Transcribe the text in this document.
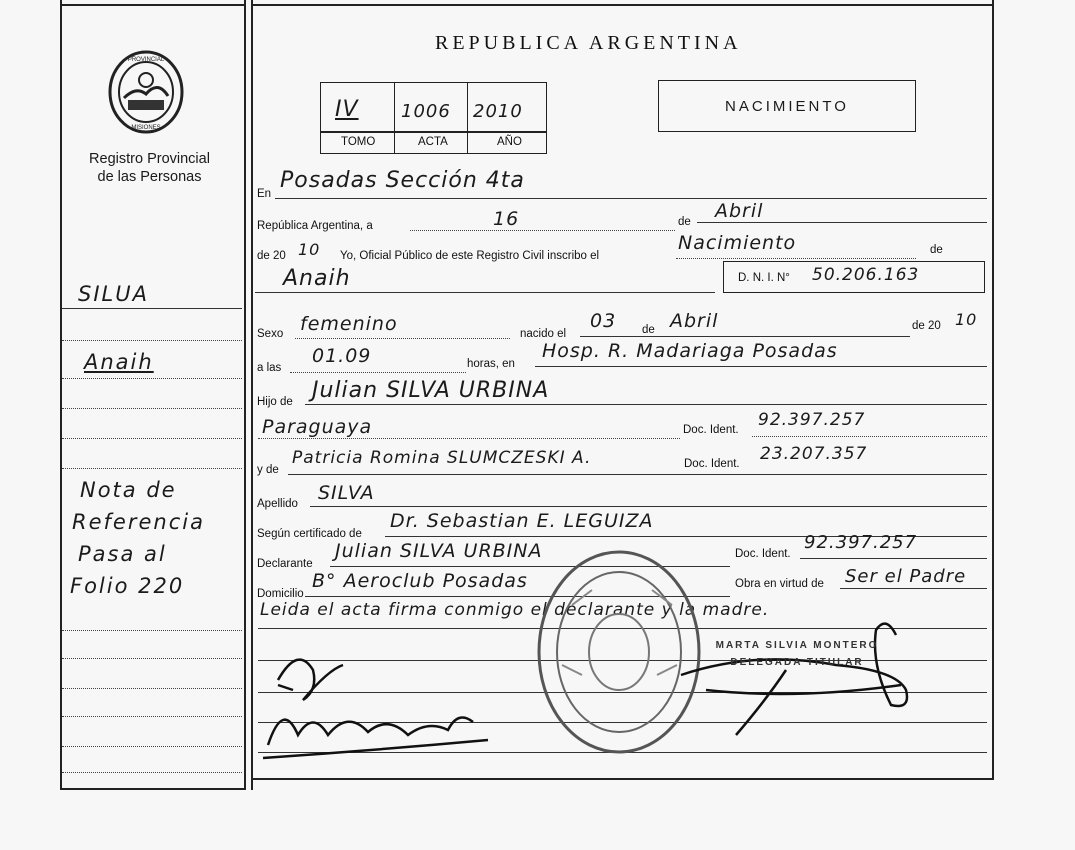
REPUBLICA ARGENTINA
PROVINCIAL
MISIONES
Registro Provincial
de las Personas
IV 1006 2010
TOMO	ACTA	AÑO
NACIMIENTO
SILUA
Anaih
Nota de
Referencia
Pasa al
Folio 220
En
Posadas Sección 4ta
República Argentina, a	16	de Abril
de 20 10 Yo, Oficial Público de este Registro Civil inscribo el
Nacimiento	de
Anaih	D. N. I. N° 50.206.163
Sexo femenino	nacido el
03 de Abril	de 20 10
a las
01.09	horas, en
Hosp. R. Madariaga Posadas
Hijo de Julian SILVA URBINA
Paraguaya	Doc. Ident. 92.397.257
y de
Patricia Romina SLUMCZESKI A.	Doc. Ident. 23.207.357
Apellido SILVA
Según certificado de
Dr. Sebastian E. LEGUIZA
Declarante
Julian SILVA URBINA	Doc. Ident.
92.397.257
Domicilio
B° Aeroclub Posadas	Obra en virtud de Ser el Padre
Leida el acta firma conmigo el declarante y la madre.
MARTA SILVIA MONTERO
DELEGADA TITULAR
